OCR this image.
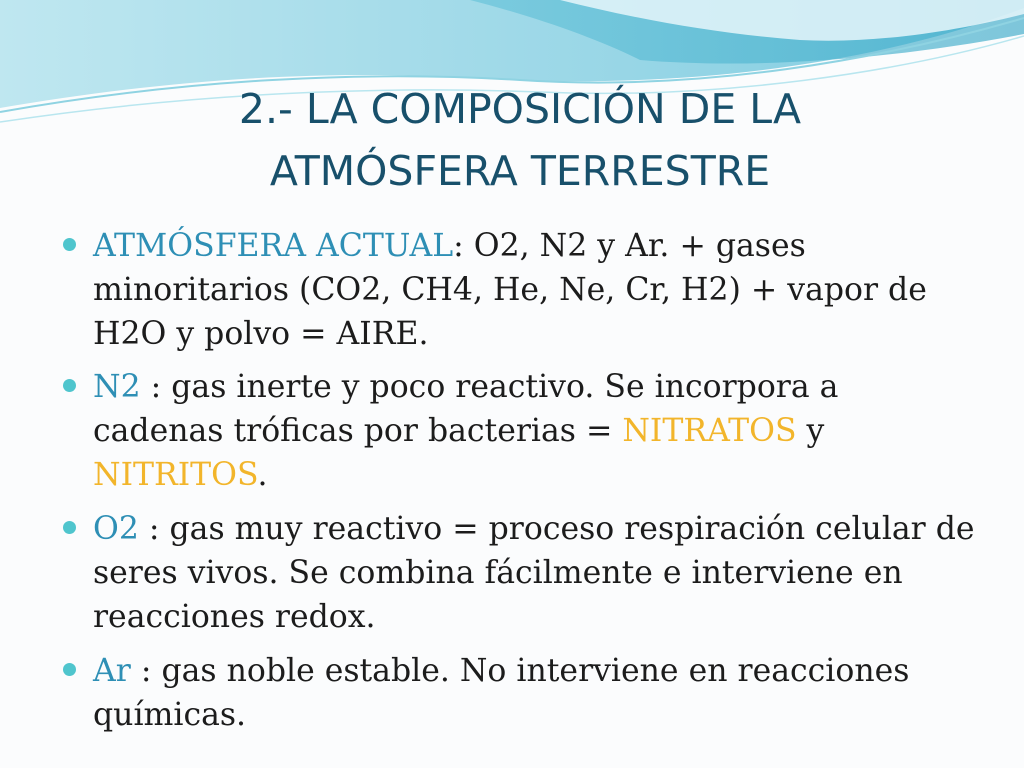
2.- LA COMPOSICIÓN DE LA
ATMÓSFERA TERRESTRE
ATMÓSFERA ACTUAL: O2, N2 y Ar. + gases minoritarios (CO2, CH4, He, Ne, Cr, H2) + vapor de H2O y polvo = AIRE.
N2 : gas inerte y poco reactivo. Se incorpora a cadenas tróficas por bacterias = NITRATOS y NITRITOS.
O2 : gas muy reactivo = proceso respiración celular de seres vivos. Se combina fácilmente e interviene en reacciones redox.
Ar : gas noble estable. No interviene en reacciones químicas.
